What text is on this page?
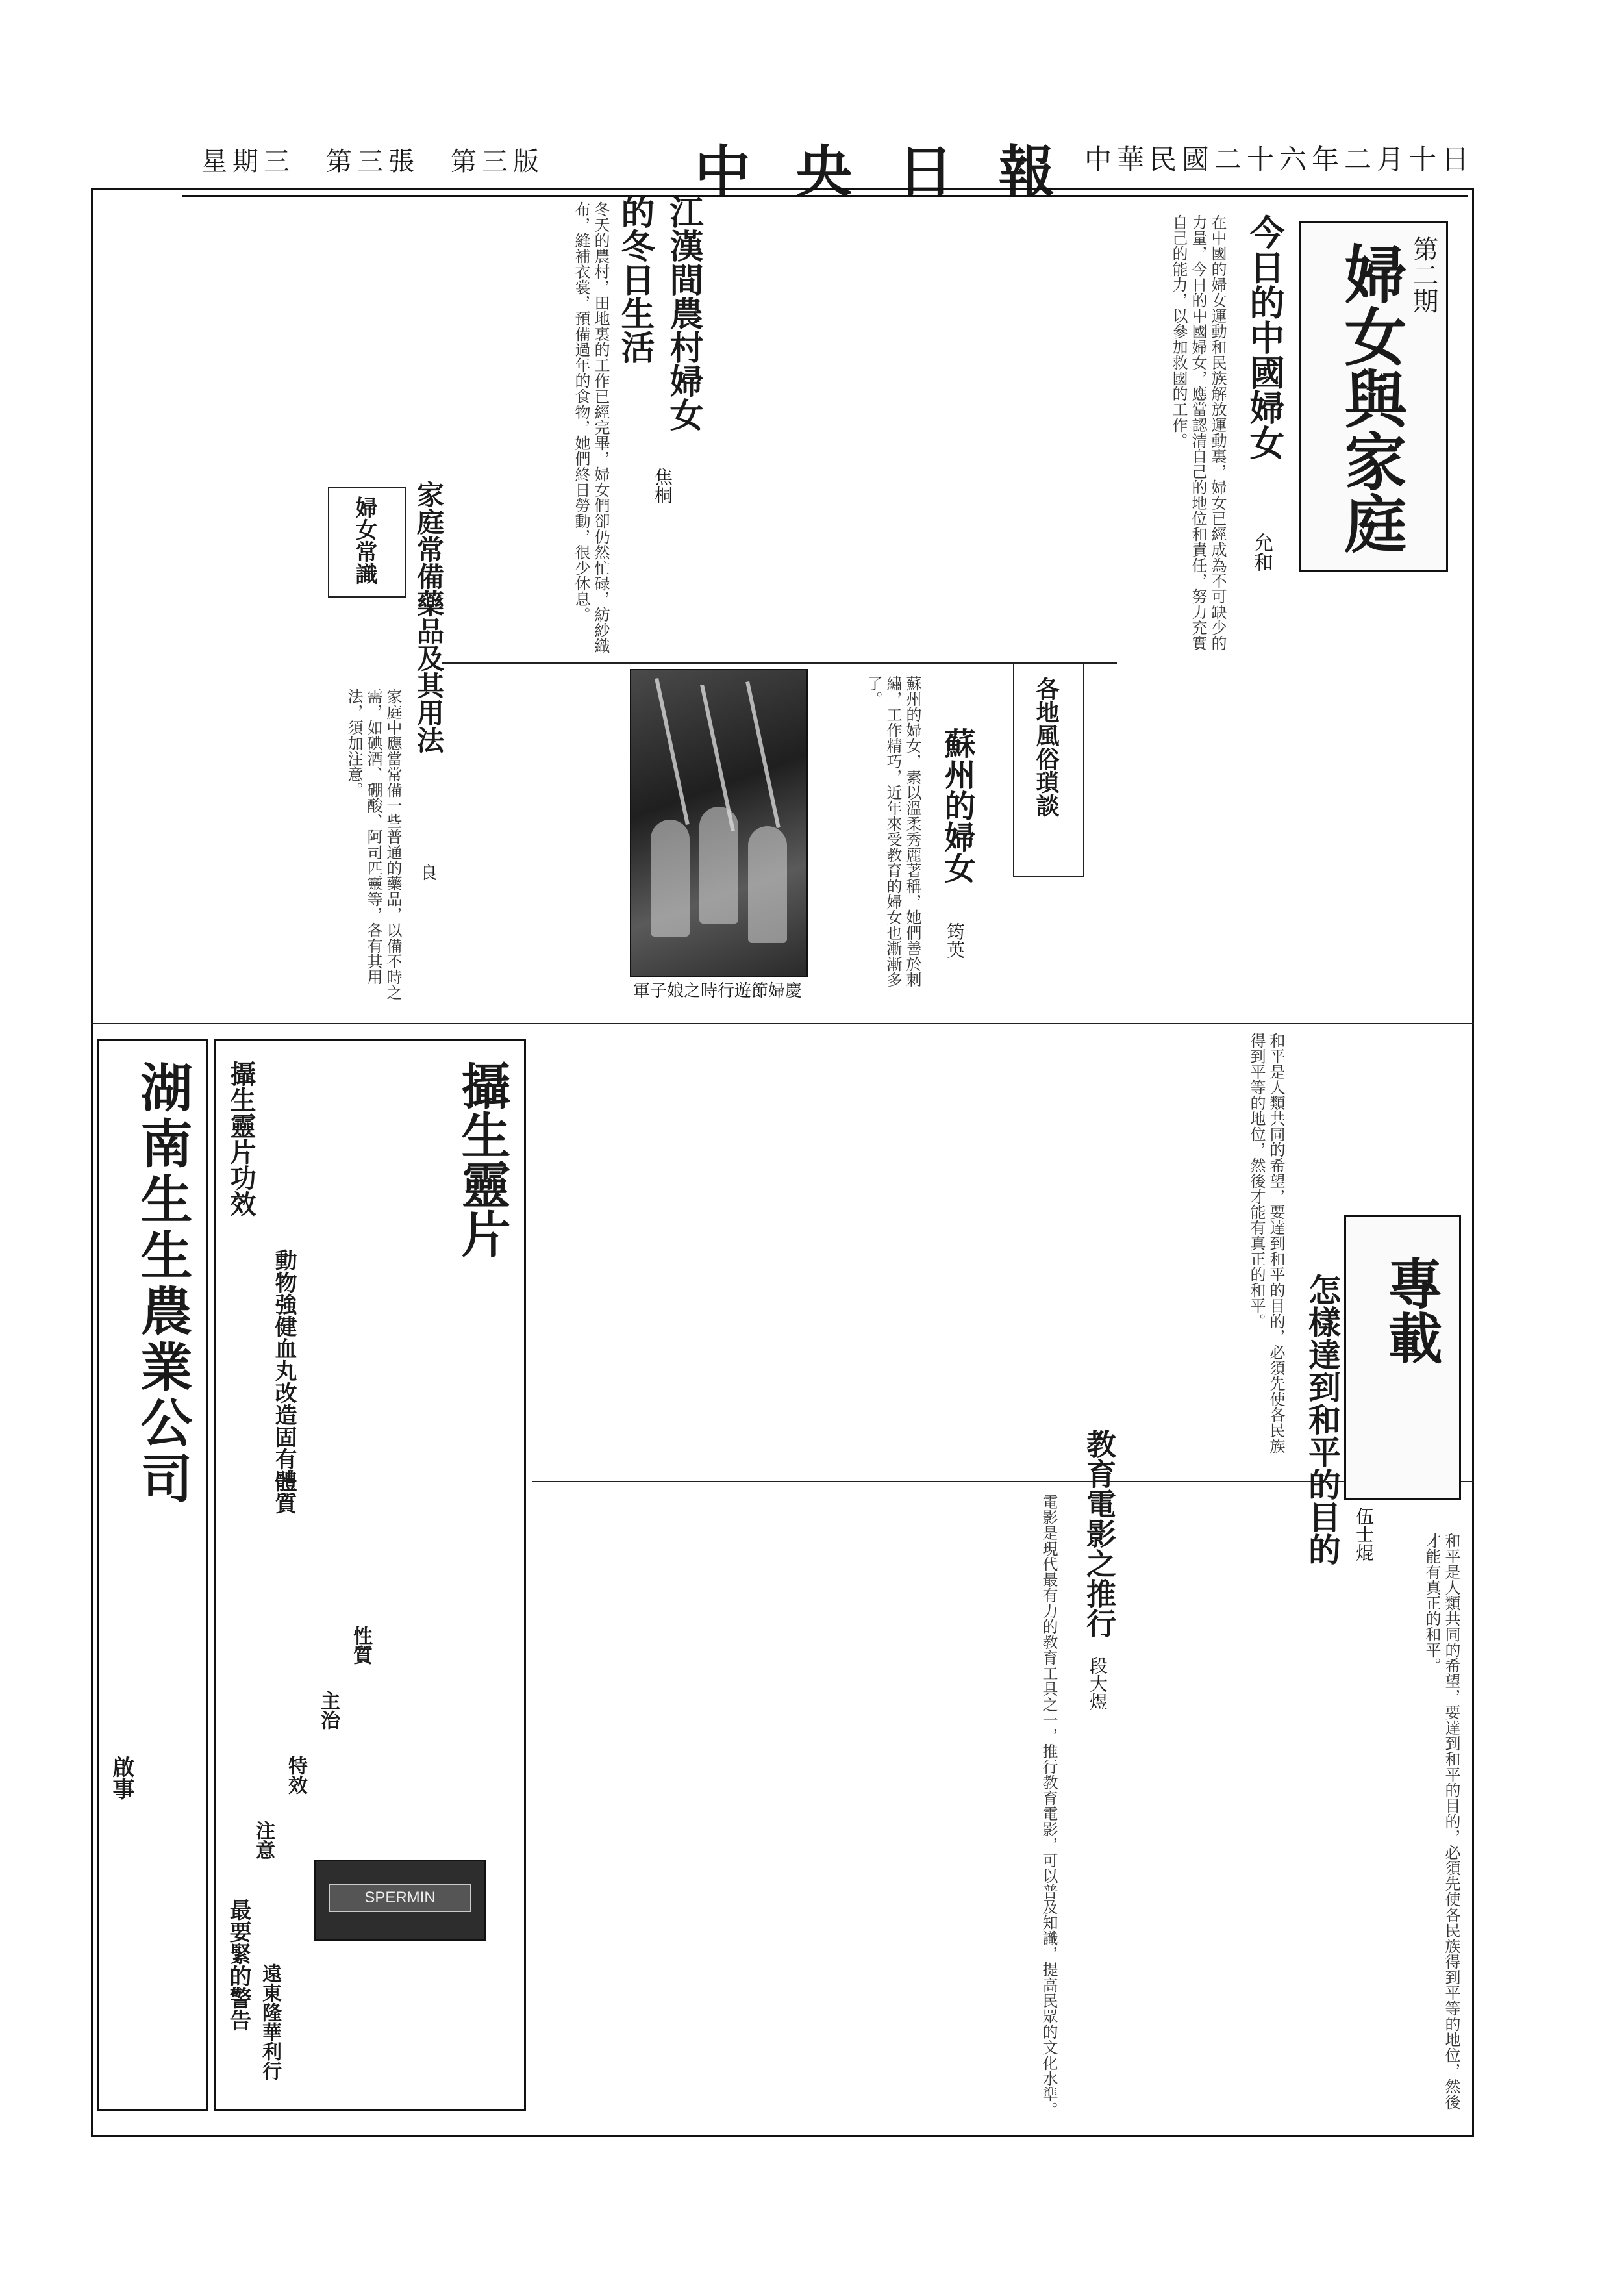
星期三　第三張　第三版	中央日報
中華民國二十六年二月十日
婦女與家庭 第二期
今日的中國婦女
允和
在中國的婦女運動和民族解放運動裏，婦女已經成為不可缺少的力量，今日的中國婦女，應當認清自己的地位和責任，努力充實自己的能力，以參加救國的工作。
江漢間農村婦女的冬日生活
焦桐
冬天的農村，田地裏的工作已經完畢，婦女們卻仍然忙碌，紡紗織布，縫補衣裳，預備過年的食物，她們終日勞動，很少休息。
婦女常識 家庭常備藥品及其用法
良
家庭中應當常備一些普通的藥品，以備不時之需，如碘酒、硼酸、阿司匹靈等，各有其用法，須加注意。	各地風俗瑣談
蘇州的婦女
筠英
蘇州的婦女，素以溫柔秀麗著稱，她們善於刺繡，工作精巧，近年來受教育的婦女也漸漸多了。
軍子娘之時行遊節婦慶
專載
怎樣達到和平的目的 伍士焜
和平是人類共同的希望，要達到和平的目的，必須先使各民族得到平等的地位，然後才能有真正的和平。
教育電影之推行
段大煜
電影是現代最有力的教育工具之一，推行教育電影，可以普及知識，提高民眾的文化水準。	和平是人類共同的希望，要達到和平的目的，必須先使各民族得到平等的地位，然後才能有真正的和平。
攝生靈片
攝生靈片功效
動物強健血丸改造固有體質
SPERMIN
性質
主治
特效
注意
最要緊的警告 遠東隆華利行
湖南生生農業公司
啟事
